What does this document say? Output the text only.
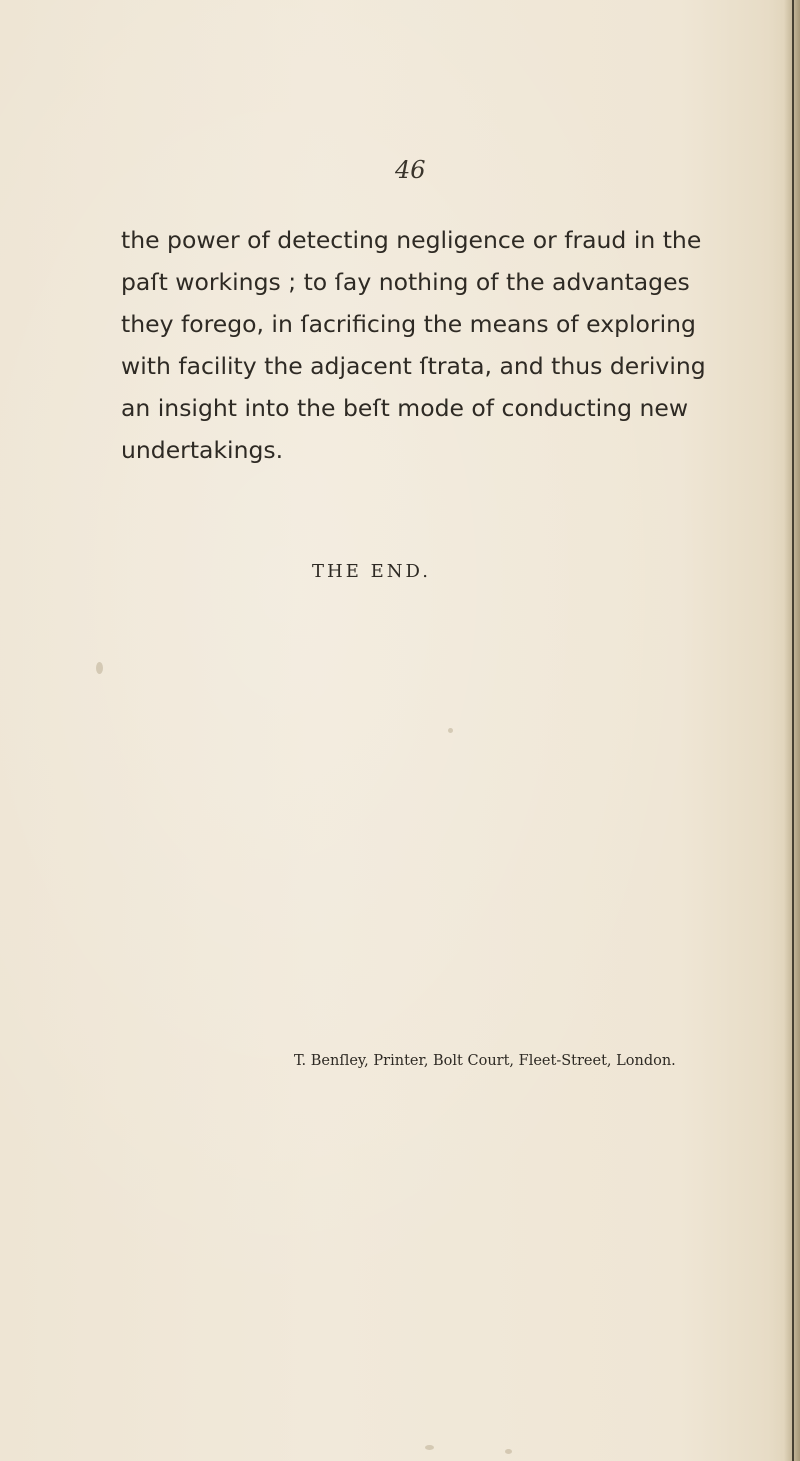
46

the power of detecting negligence or fraud in the
paſt workings ; to ſay nothing of the advantages
they forego, in ſacrificing the means of exploring
with facility the adjacent ſtrata, and thus deriving
an insight into the beſt mode of conducting new
undertakings.

THE END.

T. Benſley, Printer, Bolt Court, Fleet-Street, London.
